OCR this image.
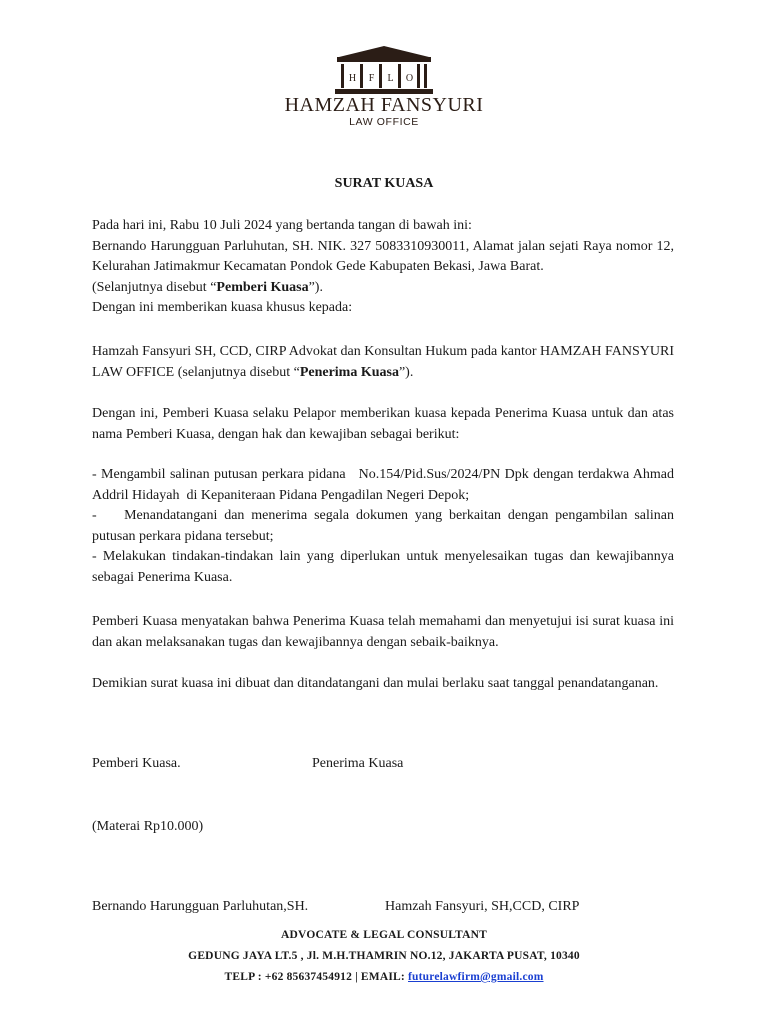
H F L O
HAMZAH FANSYURI
LAW OFFICE
SURAT KUASA

Pada hari ini, Rabu 10 Juli 2024 yang bertanda tangan di bawah ini:

Bernando Harungguan Parluhutan, SH. NIK. 327 5083310930011, Alamat jalan sejati Raya nomor 12, Kelurahan Jatimakmur Kecamatan Pondok Gede Kabupaten Bekasi, Jawa Barat.

(Selanjutnya disebut “Pemberi Kuasa”).

Dengan ini memberikan kuasa khusus kepada:

Hamzah Fansyuri SH, CCD, CIRP Advokat dan Konsultan Hukum pada kantor HAMZAH FANSYURI LAW OFFICE (selanjutnya disebut “Penerima Kuasa”).

Dengan ini, Pemberi Kuasa selaku Pelapor memberikan kuasa kepada Penerima Kuasa untuk dan atas nama Pemberi Kuasa, dengan hak dan kewajiban sebagai berikut:

- Mengambil salinan putusan perkara pidana   No.154/Pid.Sus/2024/PN Dpk dengan terdakwa Ahmad Addril Hidayah  di Kepaniteraan Pidana Pengadilan Negeri Depok;

-    Menandatangani dan menerima segala dokumen yang berkaitan dengan pengambilan salinan putusan perkara pidana tersebut;

- Melakukan tindakan-tindakan lain yang diperlukan untuk menyelesaikan tugas dan kewajibannya sebagai Penerima Kuasa.

Pemberi Kuasa menyatakan bahwa Penerima Kuasa telah memahami dan menyetujui isi surat kuasa ini dan akan melaksanakan tugas dan kewajibannya dengan sebaik-baiknya.

Demikian surat kuasa ini dibuat dan ditandatangani dan mulai berlaku saat tanggal penandatanganan.

Pemberi Kuasa.	Penerima Kuasa
(Materai Rp10.000)
Bernando Harungguan Parluhutan,SH.	Hamzah Fansyuri, SH,CCD, CIRP
ADVOCATE & LEGAL CONSULTANT
GEDUNG JAYA LT.5 , Jl. M.H.THAMRIN NO.12, JAKARTA PUSAT, 10340
TELP : +62 85637454912 | EMAIL: futurelawfirm@gmail.com
